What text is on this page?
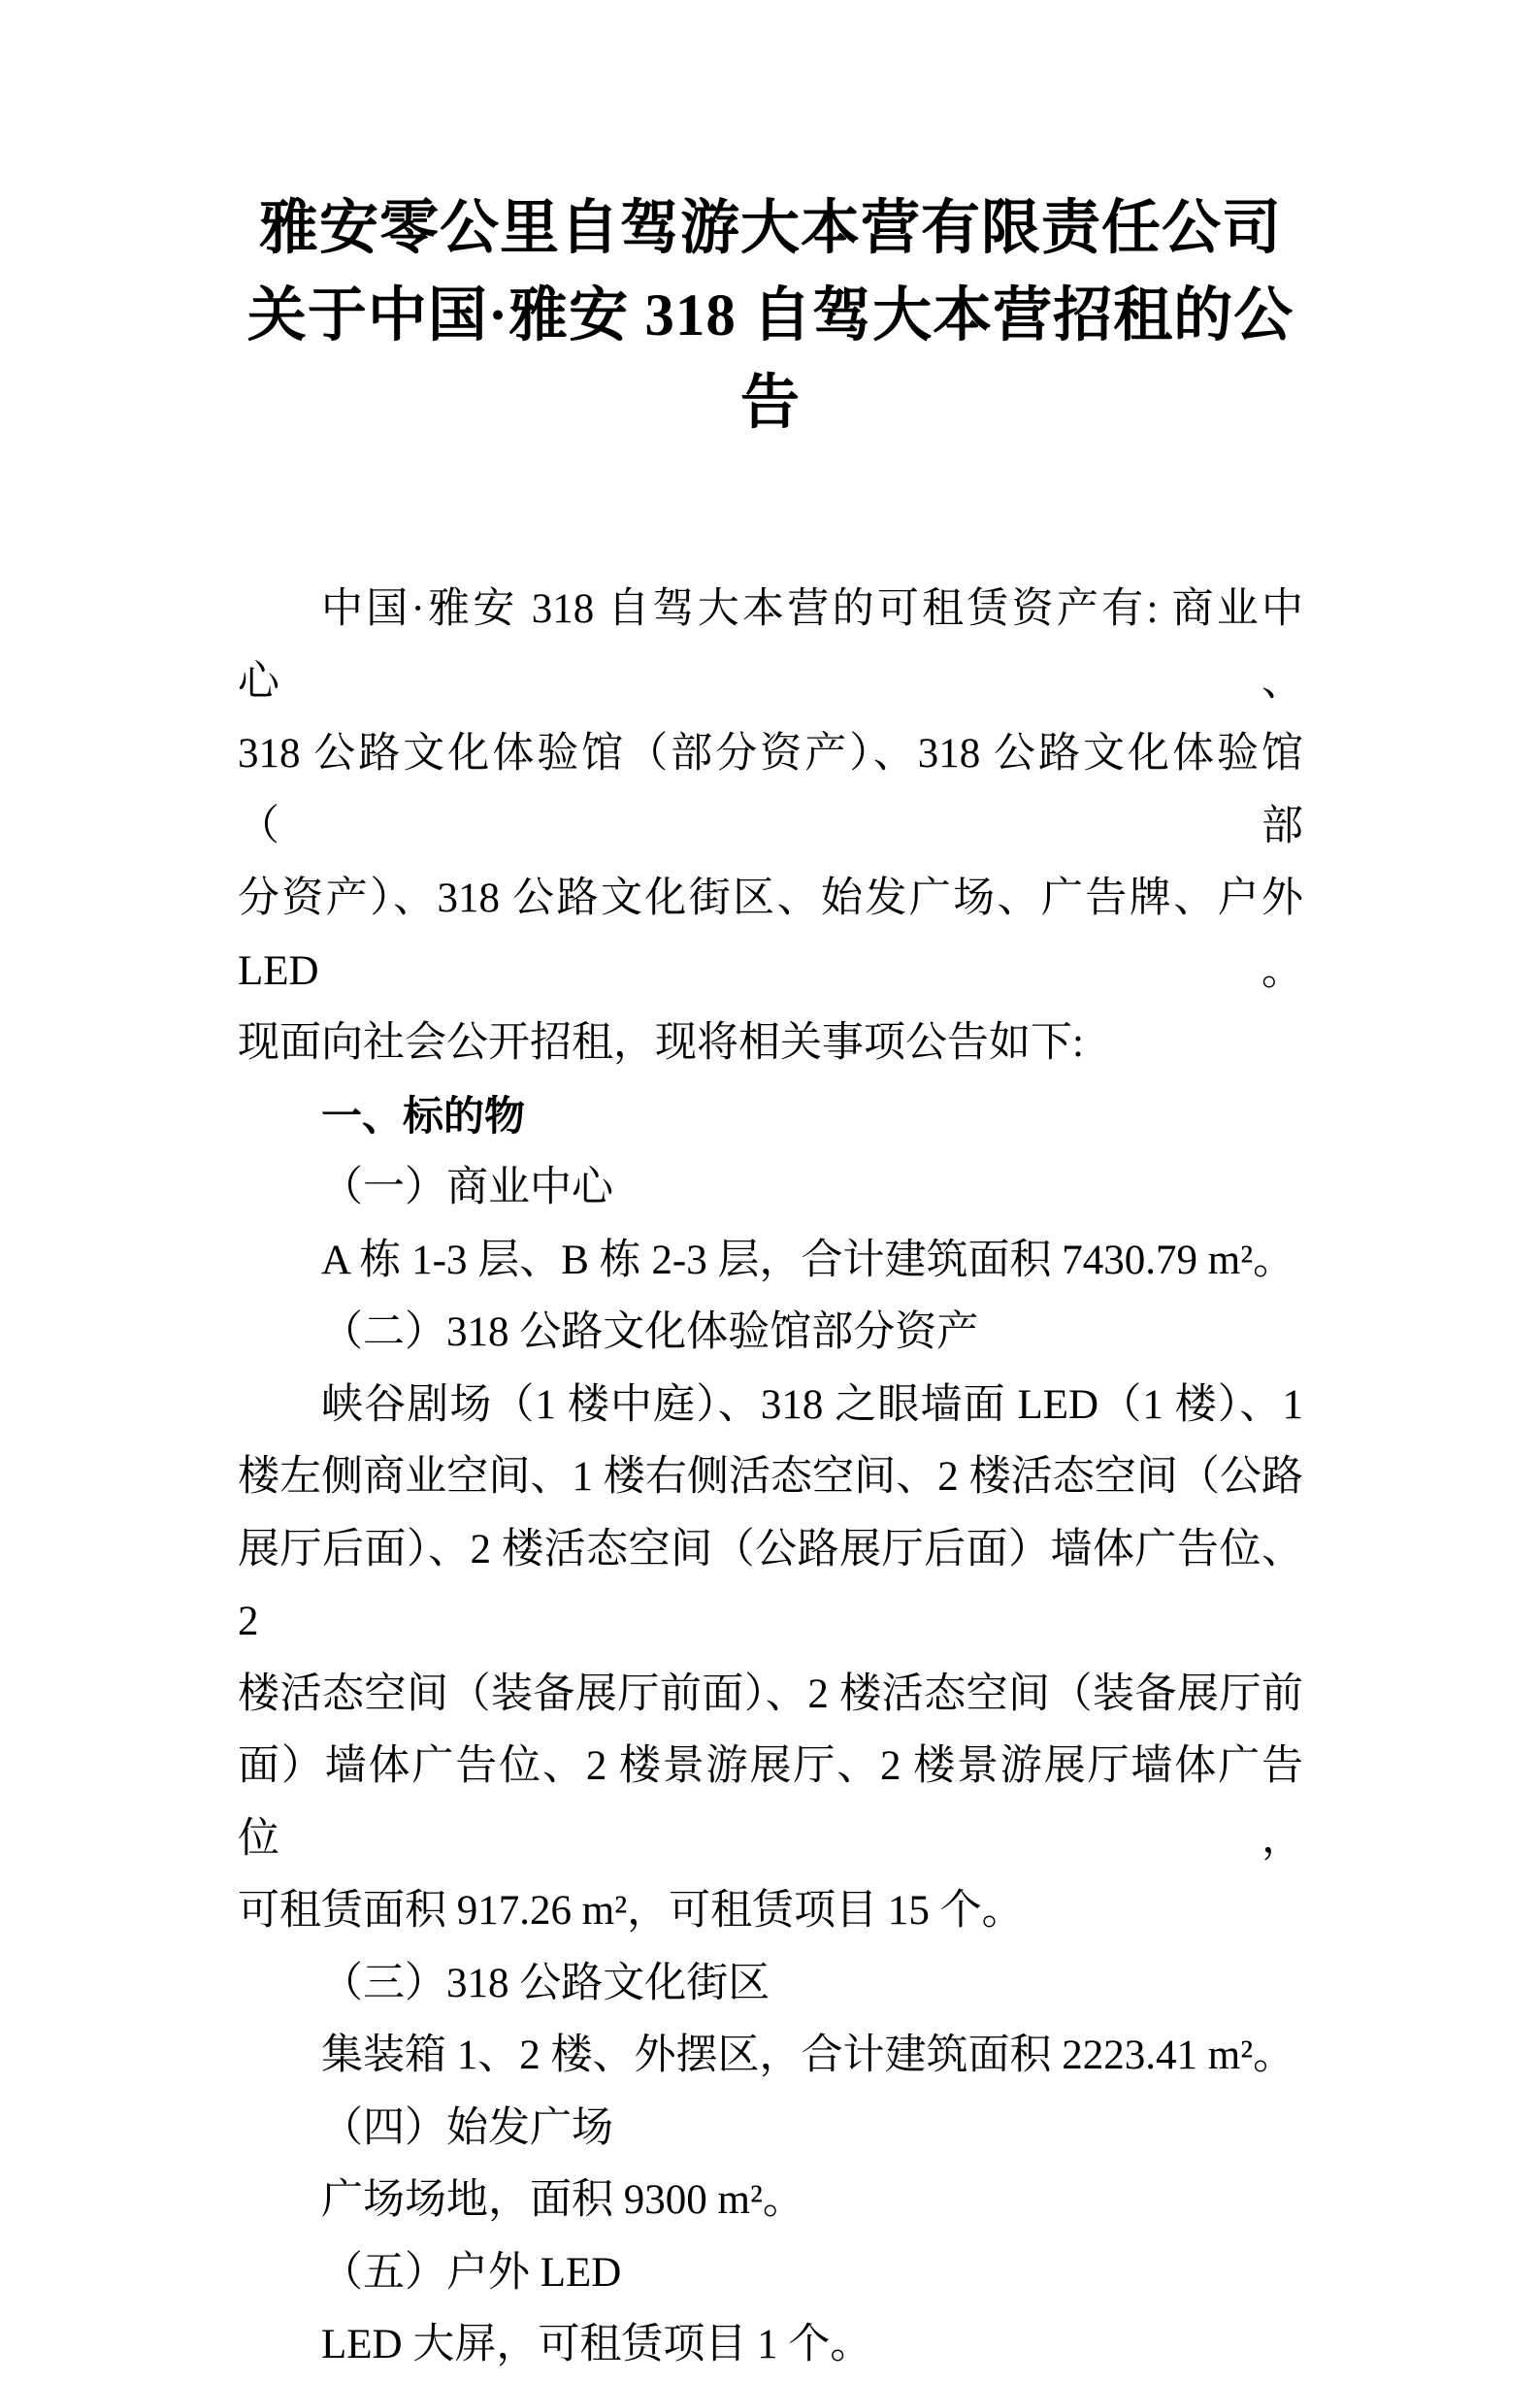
雅安零公里自驾游大本营有限责任公司
关于中国·雅安 318 自驾大本营招租的公告
中国·雅安 318 自驾大本营的可租赁资产有: 商业中心、
318 公路文化体验馆（部分资产）、318 公路文化体验馆（部
分资产）、318 公路文化街区、始发广场、广告牌、户外 LED。
现面向社会公开招租，现将相关事项公告如下:
一、标的物
（一）商业中心
A 栋 1-3 层、B 栋 2-3 层，合计建筑面积 7430.79 m²。
（二）318 公路文化体验馆部分资产
峡谷剧场（1 楼中庭）、318 之眼墙面 LED（1 楼）、1
楼左侧商业空间、1 楼右侧活态空间、2 楼活态空间（公路
展厅后面）、2 楼活态空间（公路展厅后面）墙体广告位、2
楼活态空间（装备展厅前面）、2 楼活态空间（装备展厅前
面）墙体广告位、2 楼景游展厅、2 楼景游展厅墙体广告位，
可租赁面积 917.26 m²，可租赁项目 15 个。
（三）318 公路文化街区
集装箱 1、2 楼、外摆区，合计建筑面积 2223.41 m²。
（四）始发广场
广场场地，面积 9300 m²。
（五）户外 LED
LED 大屏，可租赁项目 1 个。
